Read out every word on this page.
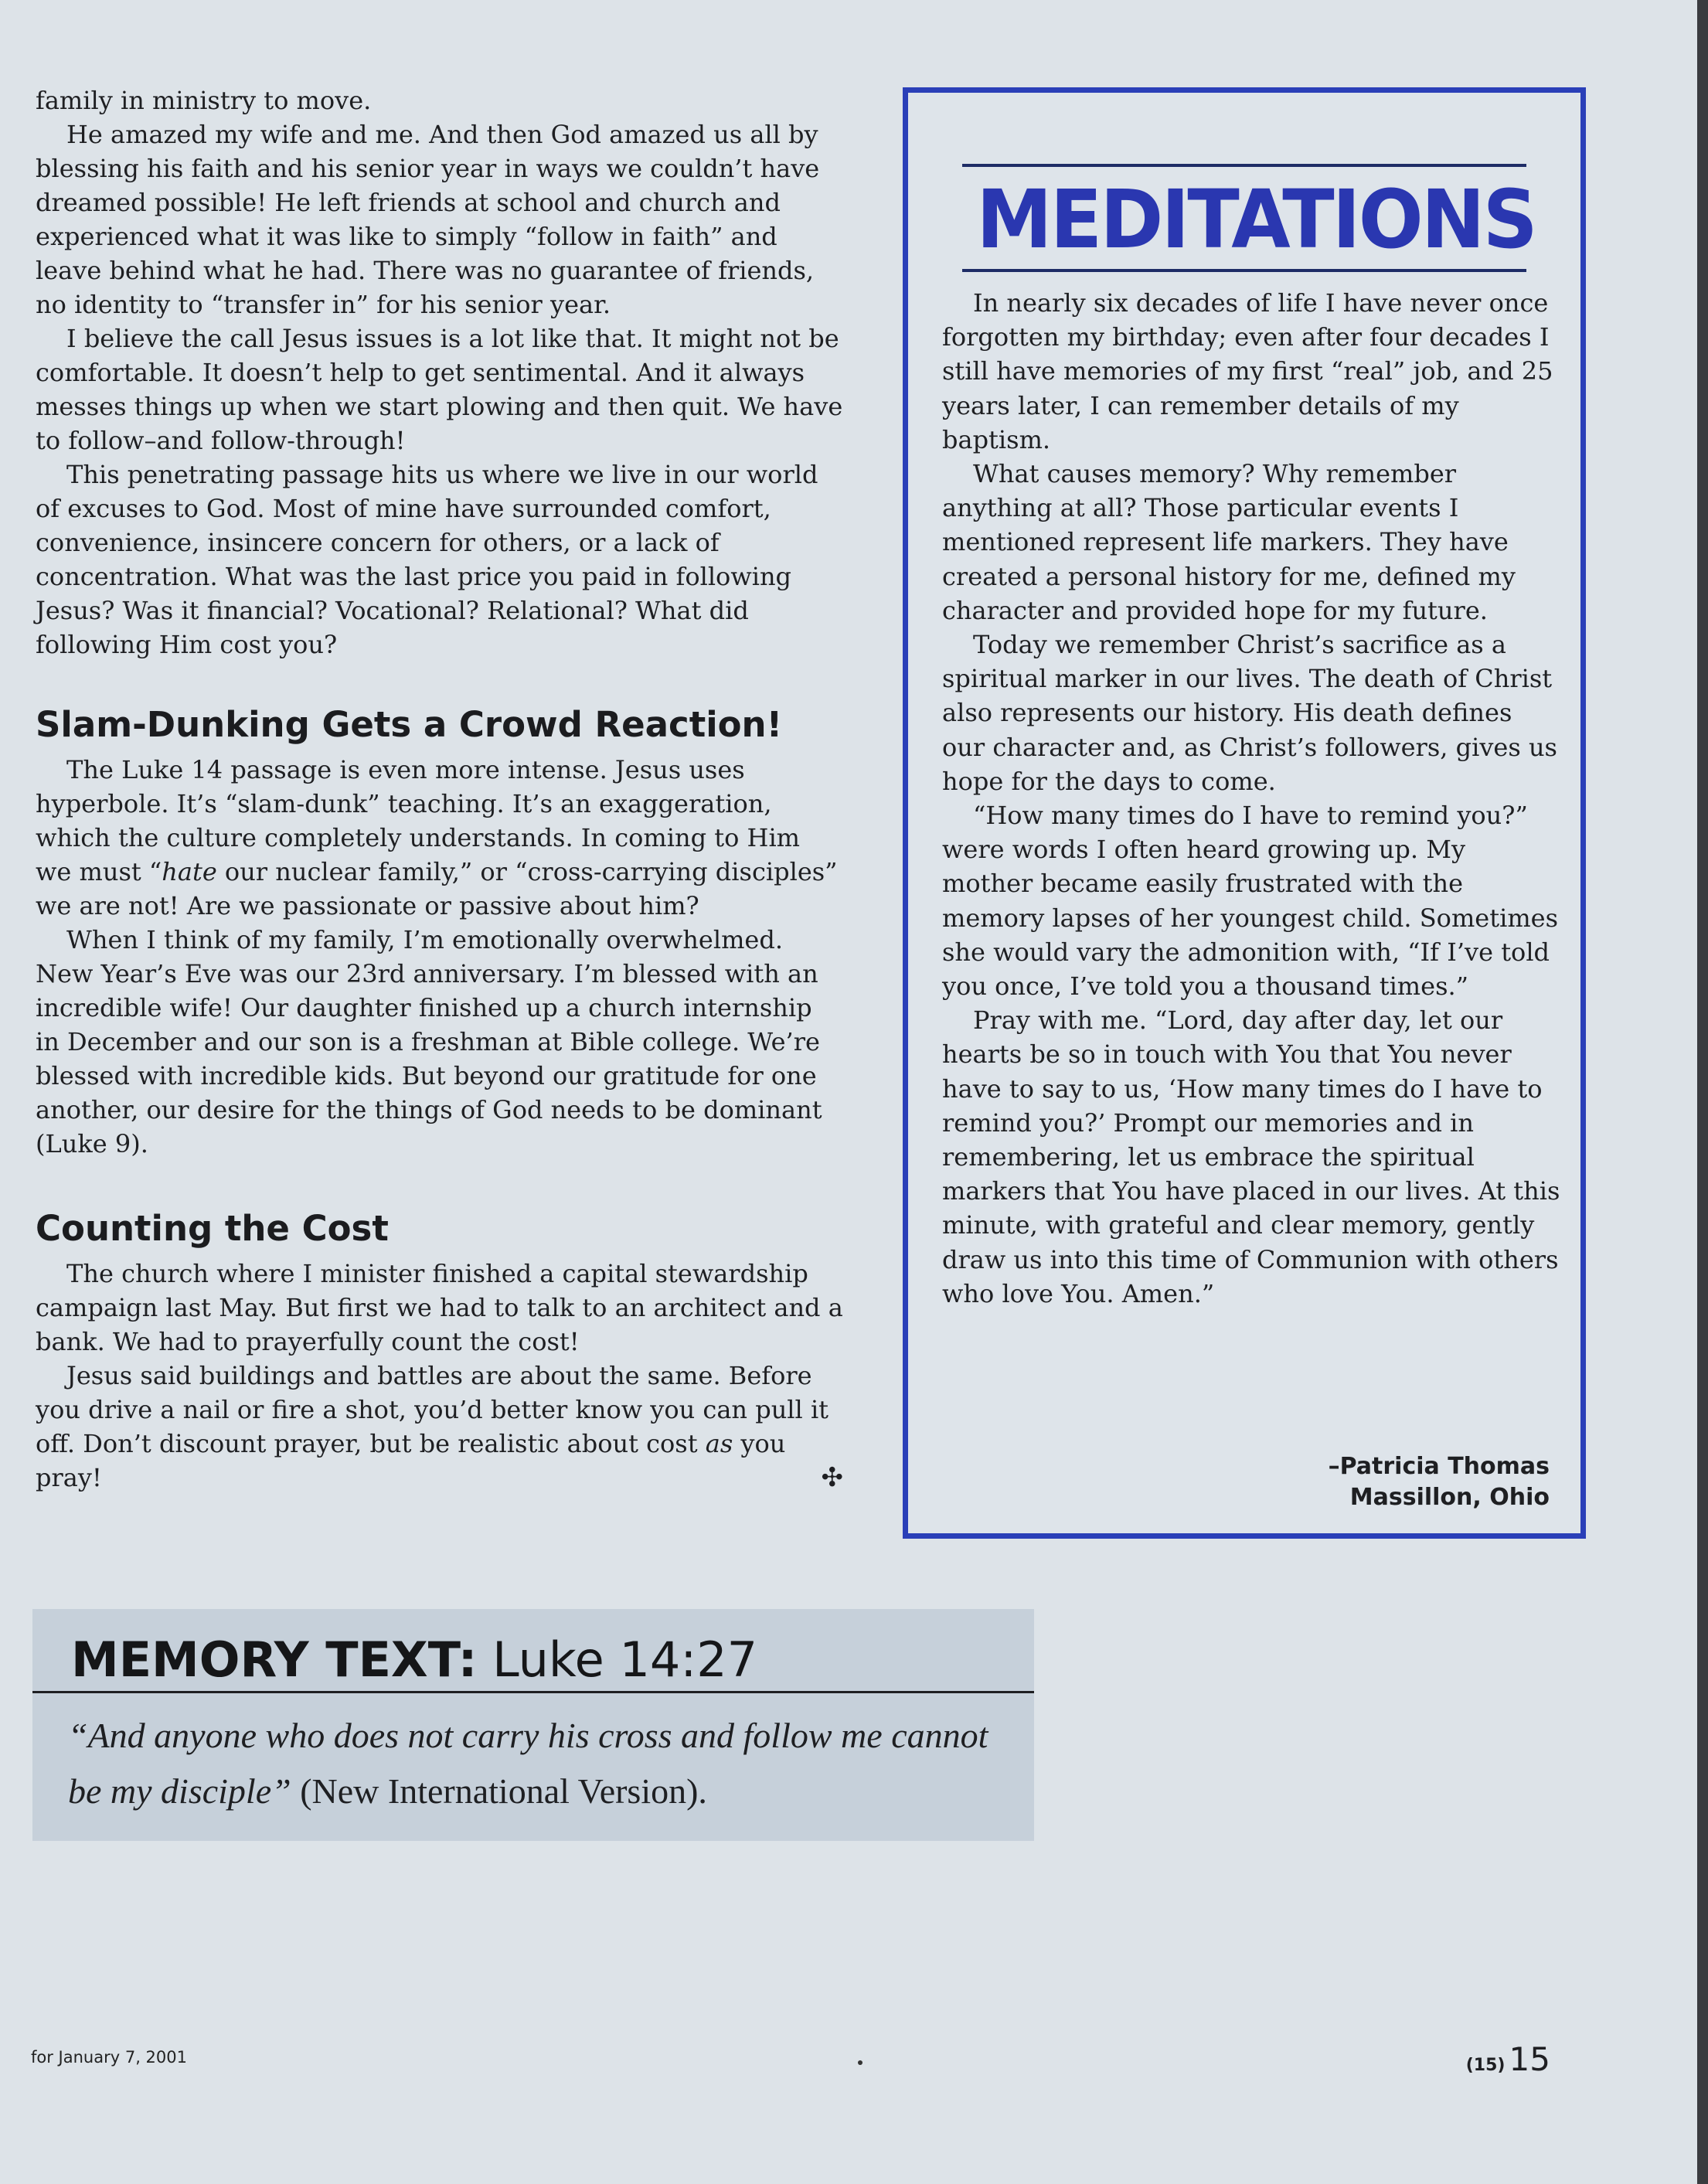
family in ministry to move.

He amazed my wife and me. And then God amazed us all by blessing his faith and his senior year in ways we couldn’t have dreamed possible! He left friends at school and church and experienced what it was like to simply “follow in faith” and leave behind what he had. There was no guarantee of friends, no identity to “transfer in” for his senior year.

I believe the call Jesus issues is a lot like that. It might not be comfortable. It doesn’t help to get sentimental. And it always messes things up when we start plowing and then quit. We have to follow–and follow-through!

This penetrating passage hits us where we live in our world of excuses to God. Most of mine have surrounded comfort, convenience, insincere concern for others, or a lack of concentration. What was the last price you paid in following Jesus? Was it financial? Vocational? Relational? What did following Him cost you?

Slam-Dunking Gets a Crowd Reaction!

The Luke 14 passage is even more intense. Jesus uses hyperbole. It’s “slam-dunk” teaching. It’s an exaggeration, which the culture completely understands. In coming to Him we must “hate our nuclear family,” or “cross-carrying disciples” we are not! Are we passionate or passive about him?

When I think of my family, I’m emotionally overwhelmed. New Year’s Eve was our 23rd anniversary. I’m blessed with an incredible wife! Our daughter finished up a church internship in December and our son is a freshman at Bible college. We’re blessed with incredible kids. But beyond our gratitude for one another, our desire for the things of God needs to be dominant (Luke 9).

Counting the Cost

The church where I minister finished a capital stewardship campaign last May. But first we had to talk to an architect and a bank. We had to prayerfully count the cost!

Jesus said buildings and battles are about the same. Before you drive a nail or fire a shot, you’d better know you can pull it off. Don’t discount prayer, but be realistic about cost as you pray!	✣

MEDITATIONS

In nearly six decades of life I have never once forgotten my birthday; even after four decades I still have memories of my first “real” job, and 25 years later, I can remember details of my baptism.

What causes memory? Why remember anything at all? Those particular events I mentioned represent life markers. They have created a personal history for me, defined my character and provided hope for my future.

Today we remember Christ’s sacrifice as a spiritual marker in our lives. The death of Christ also represents our history. His death defines our character and, as Christ’s followers, gives us hope for the days to come.

“How many times do I have to remind you?” were words I often heard growing up. My mother became easily frustrated with the memory lapses of her youngest child. Sometimes she would vary the admonition with, “If I’ve told you once, I’ve told you a thousand times.”

Pray with me. “Lord, day after day, let our hearts be so in touch with You that You never have to say to us, ‘How many times do I have to remind you?’ Prompt our memories and in remembering, let us embrace the spiritual markers that You have placed in our lives. At this minute, with grateful and clear memory, gently draw us into this time of Communion with others who love You. Amen.”

–Patricia Thomas
Massillon, Ohio
MEMORY TEXT: Luke 14:27
“And anyone who does not carry his cross and follow me cannot be my disciple” (New International Version).
for January 7, 2001	(15) 15
